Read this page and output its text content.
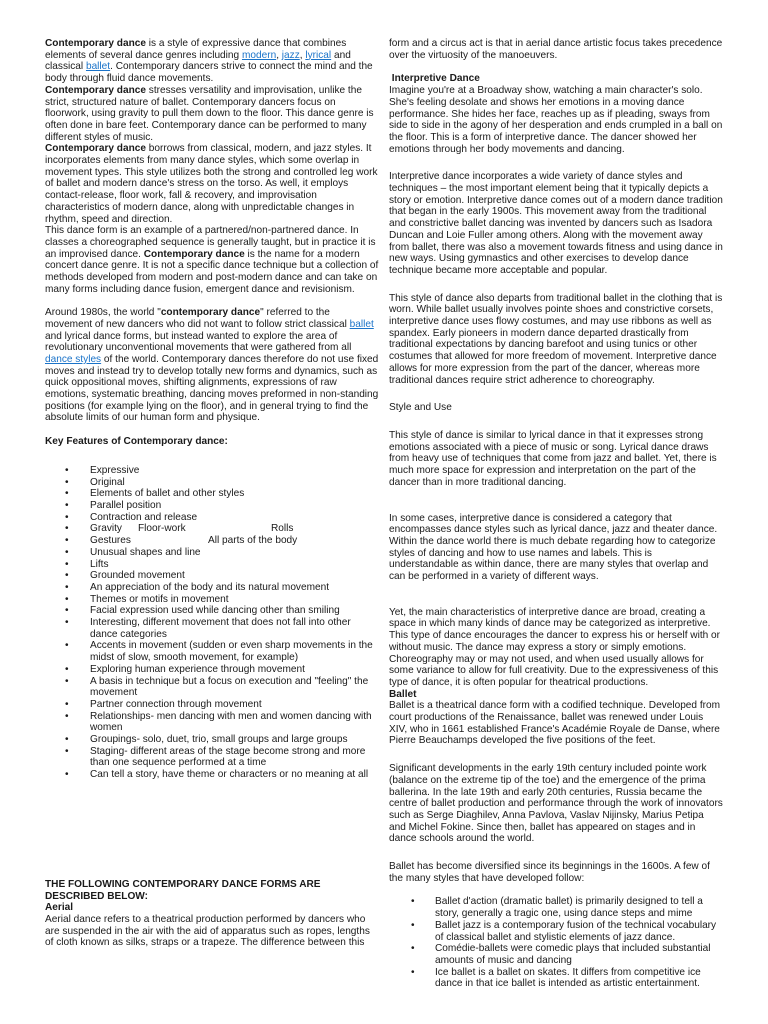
Contemporary dance is a style of expressive dance that combines elements of several dance genres including modern, jazz, lyrical and classical ballet. Contemporary dancers strive to connect the mind and the body through fluid dance movements.

Contemporary dance stresses versatility and improvisation, unlike the strict, structured nature of ballet. Contemporary dancers focus on floorwork, using gravity to pull them down to the floor. This dance genre is often done in bare feet. Contemporary dance can be performed to many different styles of music.

Contemporary dance borrows from classical, modern, and jazz styles. It incorporates elements from many dance styles, which some overlap in movement types. This style utilizes both the strong and controlled leg work of ballet and modern dance's stress on the torso. As well, it employs contact-release, floor work, fall & recovery, and improvisation characteristics of modern dance, along with unpredictable changes in rhythm, speed and direction.

This dance form is an example of a partnered/non-partnered dance. In classes a choreographed sequence is generally taught, but in practice it is an improvised dance. Contemporary dance is the name for a modern concert dance genre. It is not a specific dance technique but a collection of methods developed from modern and post-modern dance and can take on many forms including dance fusion, emergent dance and revisionism.

Around 1980s, the world "contemporary dance" referred to the movement of new dancers who did not want to follow strict classical ballet and lyrical dance forms, but instead wanted to explore the area of revolutionary unconventional movements that were gathered from all dance styles of the world. Contemporary dances therefore do not use fixed moves and instead try to develop totally new forms and dynamics, such as quick oppositional moves, shifting alignments, expressions of raw emotions, systematic breathing, dancing moves preformed in non-standing positions (for example lying on the floor), and in general trying to find the absolute limits of our human form and physique.

Key Features of Contemporary dance:

• Expressive
• Original
• Elements of ballet and other styles
• Parallel position
• Contraction and release
• Gravity Floor-work	Rolls
• Gestures	All parts of the body
• Unusual shapes and line
• Lifts
• Grounded movement
• An appreciation of the body and its natural movement
• Themes or motifs in movement
• Facial expression used while dancing other than smiling
• Interesting, different movement that does not fall into other dance categories
• Accents in movement (sudden or even sharp movements in the midst of slow, smooth movement, for example)
• Exploring human experience through movement
• A basis in technique but a focus on execution and "feeling" the movement
• Partner connection through movement
• Relationships- men dancing with men and women dancing with women
• Groupings- solo, duet, trio, small groups and large groups
• Staging- different areas of the stage become strong and more than one sequence performed at a time
• Can tell a story, have theme or characters or no meaning at all

THE FOLLOWING CONTEMPORARY DANCE FORMS ARE DESCRIBED BELOW:

Aerial

Aerial dance refers to a theatrical production performed by dancers who are suspended in the air with the aid of apparatus such as ropes, lengths of cloth known as silks, straps or a trapeze. The difference between this

form and a circus act is that in aerial dance artistic focus takes precedence over the virtuosity of the manoeuvers.

Interpretive Dance

Imagine you're at a Broadway show, watching a main character's solo. She's feeling desolate and shows her emotions in a moving dance performance. She hides her face, reaches up as if pleading, sways from side to side in the agony of her desperation and ends crumpled in a ball on the floor. This is a form of interpretive dance. The dancer showed her emotions through her body movements and dancing.

Interpretive dance incorporates a wide variety of dance styles and techniques – the most important element being that it typically depicts a story or emotion. Interpretive dance comes out of a modern dance tradition that began in the early 1900s. This movement away from the traditional and constrictive ballet dancing was invented by dancers such as Isadora Duncan and Loie Fuller among others. Along with the movement away from ballet, there was also a movement towards fitness and using dance in new ways. Using gymnastics and other exercises to develop dance technique became more acceptable and popular.

This style of dance also departs from traditional ballet in the clothing that is worn. While ballet usually involves pointe shoes and constrictive corsets, interpretive dance uses flowy costumes, and may use ribbons as well as spandex. Early pioneers in modern dance departed drastically from traditional expectations by dancing barefoot and using tunics or other costumes that allowed for more freedom of movement. Interpretive dance allows for more expression from the part of the dancer, whereas more traditional dances require strict adherence to choreography.

Style and Use

This style of dance is similar to lyrical dance in that it expresses strong emotions associated with a piece of music or song. Lyrical dance draws from heavy use of techniques that come from jazz and ballet. Yet, there is much more space for expression and interpretation on the part of the dancer than in more traditional dancing.

In some cases, interpretive dance is considered a category that encompasses dance styles such as lyrical dance, jazz and theater dance. Within the dance world there is much debate regarding how to categorize styles of dancing and how to use names and labels. This is understandable as within dance, there are many styles that overlap and can be performed in a variety of different ways.

Yet, the main characteristics of interpretive dance are broad, creating a space in which many kinds of dance may be categorized as interpretive. This type of dance encourages the dancer to express his or herself with or without music. The dance may express a story or simply emotions. Choreography may or may not used, and when used usually allows for some variance to allow for full creativity. Due to the expressiveness of this type of dance, it is often popular for theatrical productions.

Ballet

Ballet is a theatrical dance form with a codified technique. Developed from court productions of the Renaissance, ballet was renewed under Louis XIV, who in 1661 established France's Académie Royale de Danse, where Pierre Beauchamps developed the five positions of the feet.

Significant developments in the early 19th century included pointe work (balance on the extreme tip of the toe) and the emergence of the prima ballerina. In the late 19th and early 20th centuries, Russia became the centre of ballet production and performance through the work of innovators such as Serge Diaghilev, Anna Pavlova, Vaslav Nijinsky, Marius Petipa and Michel Fokine. Since then, ballet has appeared on stages and in dance schools around the world.

Ballet has become diversified since its beginnings in the 1600s. A few of the many styles that have developed follow:

• Ballet d'action (dramatic ballet) is primarily designed to tell a story, generally a tragic one, using dance steps and mime
• Ballet jazz is a contemporary fusion of the technical vocabulary of classical ballet and stylistic elements of jazz dance.
• Comédie-ballets were comedic plays that included substantial amounts of music and dancing
• Ice ballet is a ballet on skates. It differs from competitive ice dance in that ice ballet is intended as artistic entertainment.
